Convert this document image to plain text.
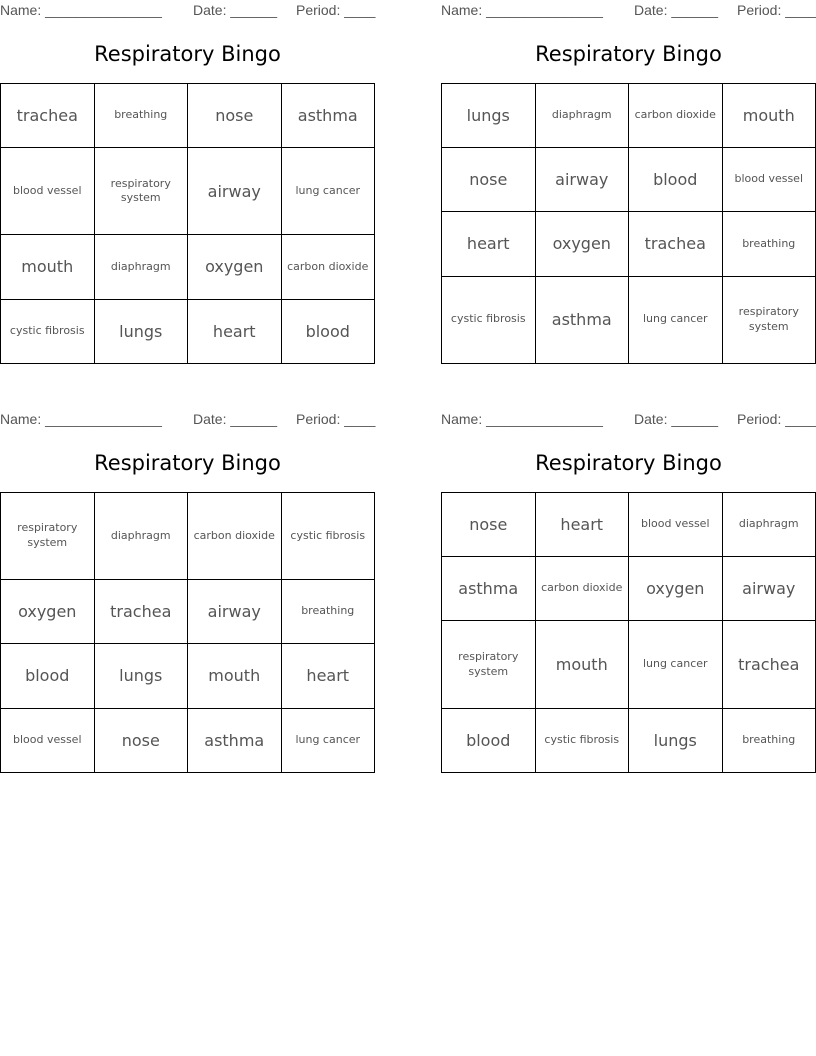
Name: _______________ Date: ______ Period: ____
Respiratory Bingo
trachea	breathing	nose	asthma
blood vessel	respiratory system	airway	lung cancer
mouth	diaphragm	oxygen	carbon dioxide
cystic fibrosis	lungs	heart	blood
Name: _______________ Date: ______ Period: ____
Respiratory Bingo
lungs	diaphragm	carbon dioxide	mouth
nose	airway	blood	blood vessel
heart	oxygen	trachea	breathing
cystic fibrosis	asthma	lung cancer	respiratory system
Name: _______________ Date: ______ Period: ____
Respiratory Bingo
respiratory system	diaphragm	carbon dioxide	cystic fibrosis
oxygen	trachea	airway	breathing
blood	lungs	mouth	heart
blood vessel	nose	asthma	lung cancer
Name: _______________ Date: ______ Period: ____
Respiratory Bingo
nose	heart	blood vessel	diaphragm
asthma	carbon dioxide	oxygen	airway
respiratory system	mouth	lung cancer	trachea
blood	cystic fibrosis	lungs	breathing
